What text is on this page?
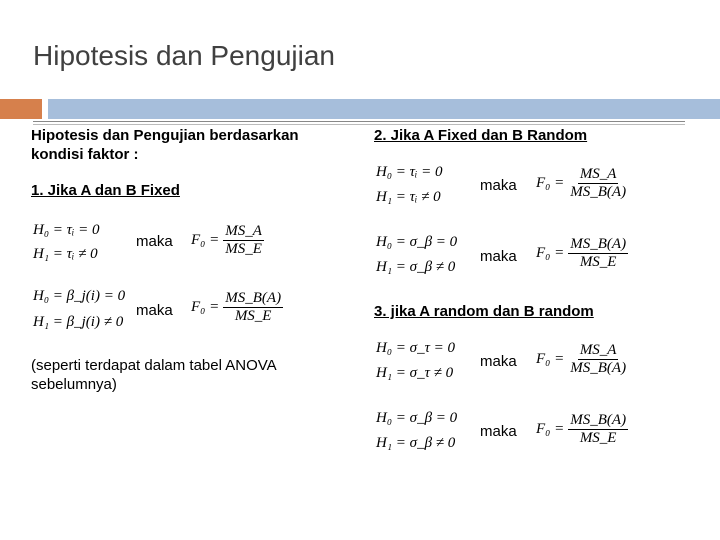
Hipotesis dan Pengujian
Hipotesis dan Pengujian berdasarkan
kondisi faktor :
1. Jika A dan B Fixed
H₀ = τᵢ = 0
H₁ = τᵢ ≠ 0
maka $F_0 = \frac{MS\_A}{MS\_E}$
H₀ = β_j(i) = 0
H₁ = β_j(i) ≠ 0
maka $F_0 = \frac{MS\_B(A)}{MS\_E}$
(seperti terdapat dalam tabel ANOVA
sebelumnya)
2. Jika A Fixed dan B Random
H₀ = τᵢ = 0
H₁ = τᵢ ≠ 0
maka $F_0 = \frac{MS\_A}{MS\_B(A)}$
H₀ = σ_β = 0
H₁ = σ_β ≠ 0
maka $F_0 = \frac{MS\_B(A)}{MS\_E}$
3. jika A random dan B random
H₀ = σ_τ = 0
H₁ = σ_τ ≠ 0
maka $F_0 = \frac{MS\_A}{MS\_B(A)}$
H₀ = σ_β = 0
H₁ = σ_β ≠ 0
maka $F_0 = \frac{MS\_B(A)}{MS\_E}$
